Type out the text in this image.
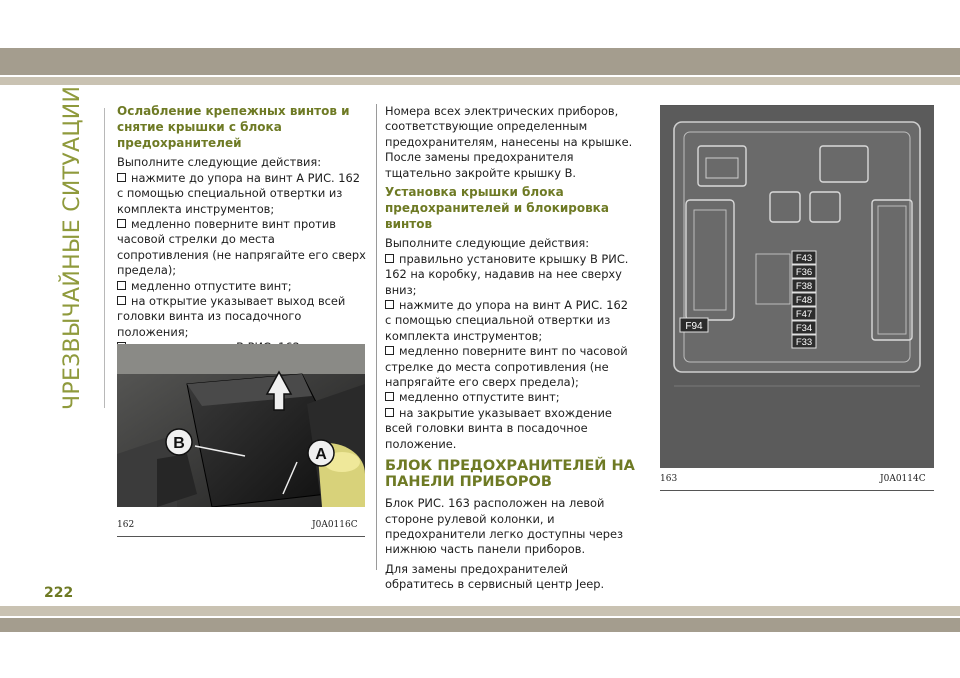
ЧРЕЗВЫЧАЙНЫЕ СИТУАЦИИ	Ослабление крепежных винтов и снятие крышки с блока предохранителей

Выполните следующие действия:

нажмите до упора на винт А РИС. 162 с помощью специальной отвертки из комплекта инструментов;

медленно поверните винт против часовой стрелки до места сопротивления (не напрягайте его сверх предела);

медленно отпустите винт;

на открытие указывает выход всей головки винта из посадочного положения;

B
A
162	J0A0116C

Номера всех электрических приборов, соответствующие определенным предохранителям, нанесены на крышке. После замены предохранителя тщательно закройте крышку В.

Установка крышки блока предохранителей и блокировка винтов

Выполните следующие действия:

правильно установите крышку В РИС. 162 на коробку, надавив на нее сверху вниз;

нажмите до упора на винт А РИС. 162 с помощью специальной отвертки из комплекта инструментов;

медленно поверните винт по часовой стрелке до места сопротивления (не напрягайте его сверх предела);

медленно отпустите винт;

на закрытие указывает вхождение всей головки винта в посадочное положение.

БЛОК ПРЕДОХРАНИТЕЛЕЙ НА ПАНЕЛИ ПРИБОРОВ

Блок РИС. 163 расположен на левой стороне рулевой колонки, и предохранители легко доступны через нижнюю часть панели приборов.

Для замены предохранителей обратитесь в сервисный центр Jeep.

F94
F43
F36
F38
F48
F47
F34
F33
163	J0A0114C
222
